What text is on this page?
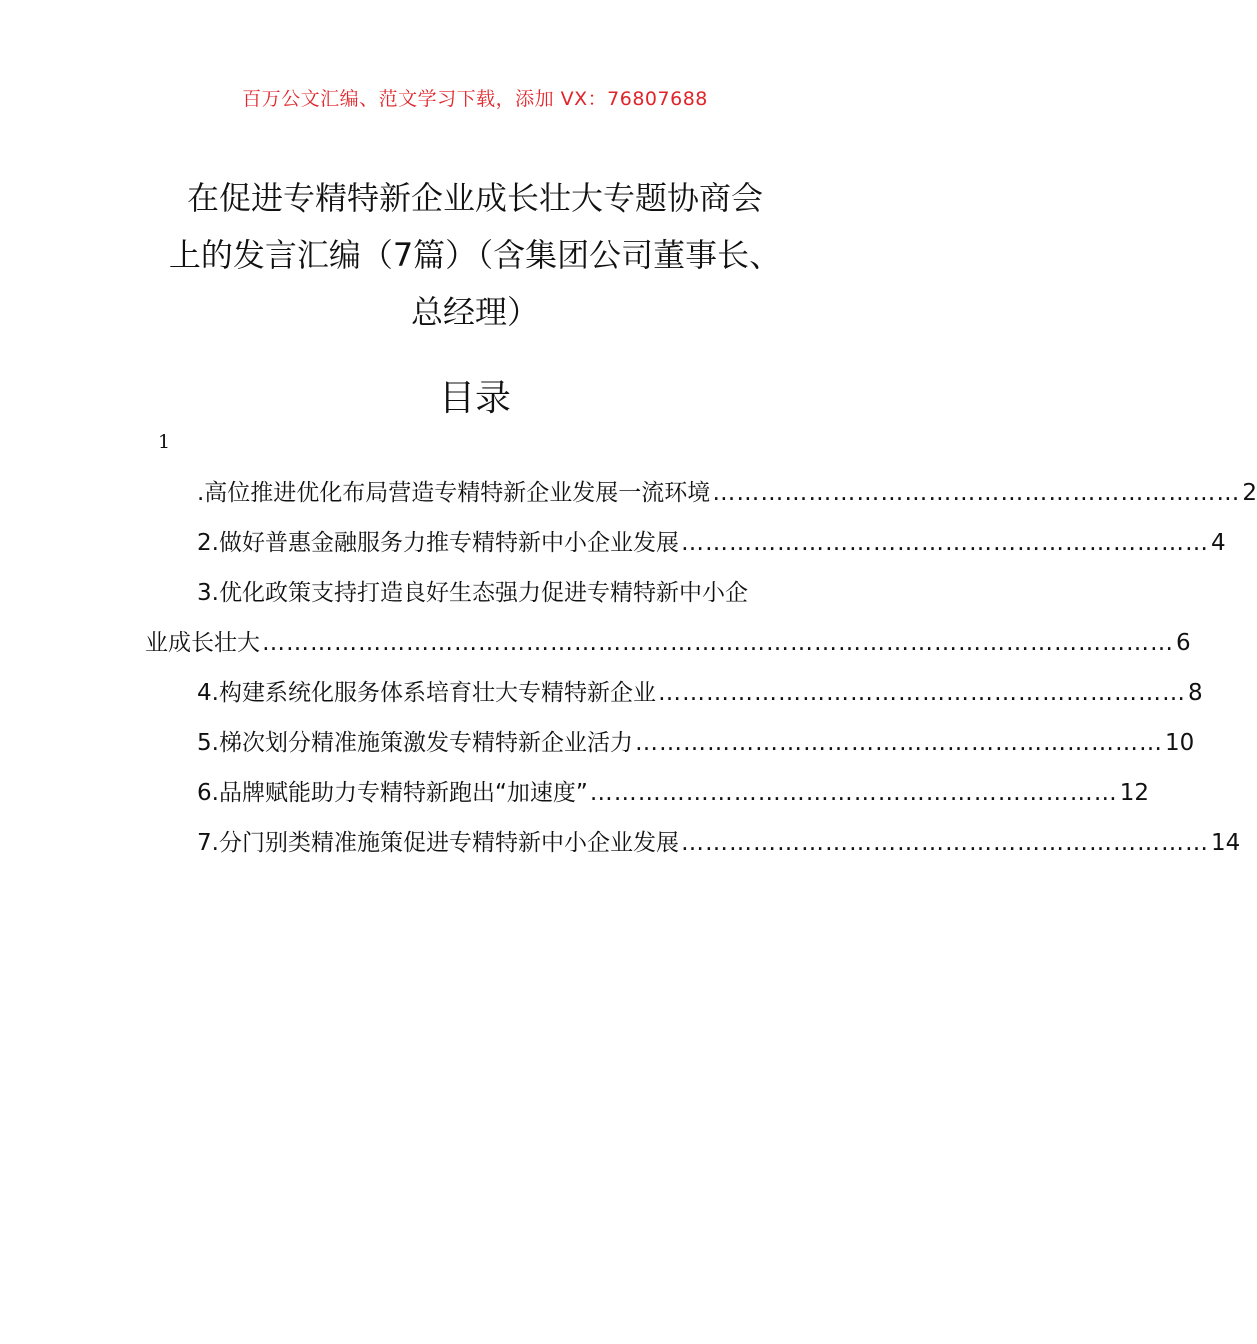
百万公文汇编、范文学习下载，添加 VX：76807688
在促进专精特新企业成长壮大专题协商会
上的发言汇编（7篇）（含集团公司董事长、
总经理）
目录
1
.高位推进优化布局营造专精特新企业发展一流环境 ………………………………………………………… 2
2.做好普惠金融服务力推专精特新中小企业发展 ………………………………………………………… 4
3.优化政策支持打造良好生态强力促进专精特新中小企
业成长壮大 …………………………………………………………………………………………………… 6
4.构建系统化服务体系培育壮大专精特新企业 ………………………………………………………… 8
5.梯次划分精准施策激发专精特新企业活力 ………………………………………………………… 10
6.品牌赋能助力专精特新跑出“加速度” ………………………………………………………… 12
7.分门别类精准施策促进专精特新中小企业发展 ………………………………………………………… 14
